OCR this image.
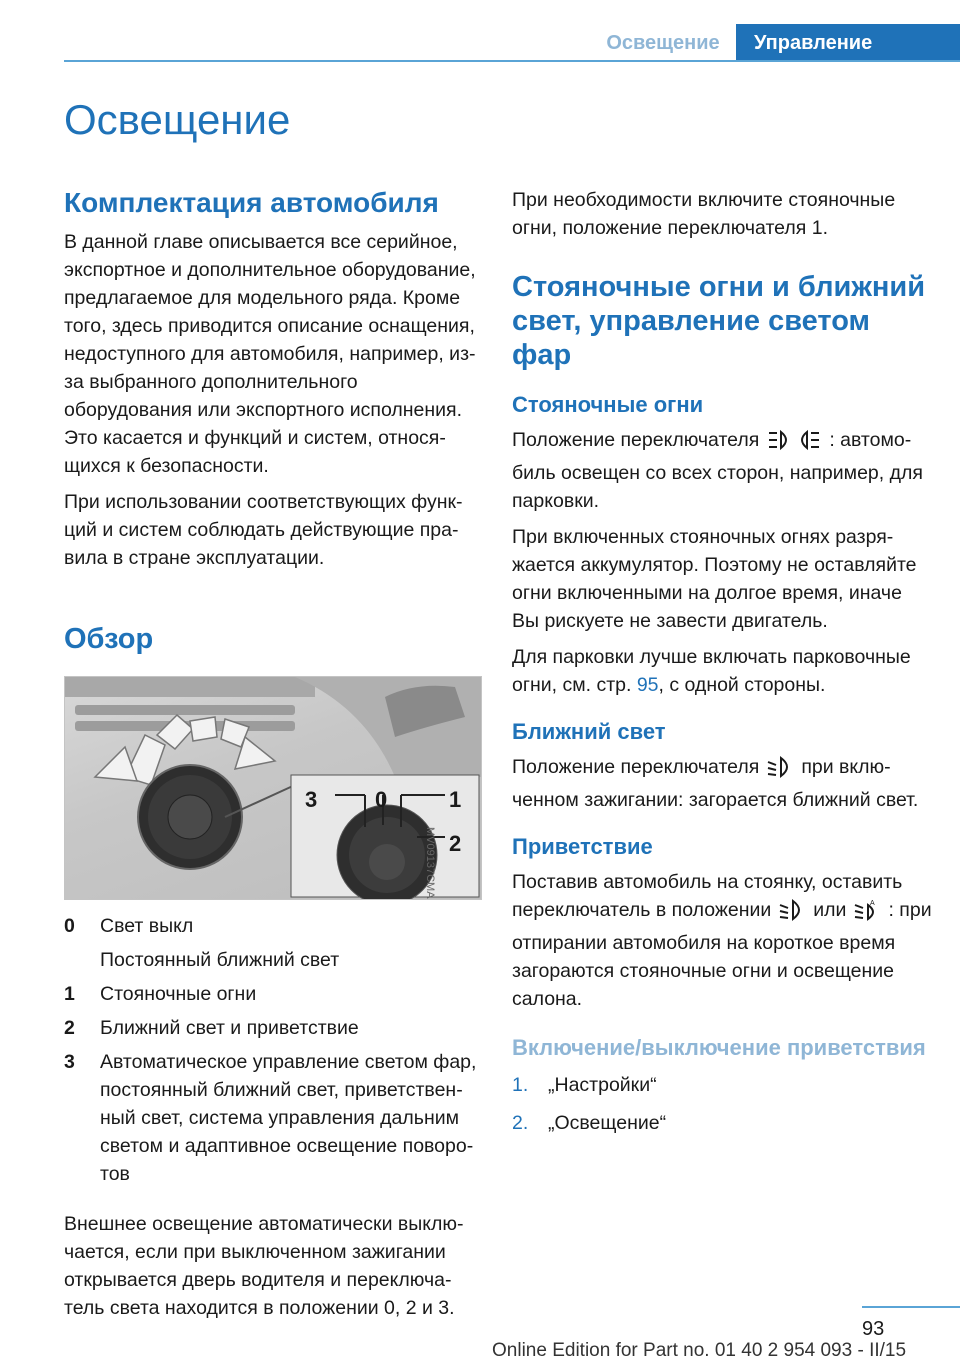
Освещение	Управление
Освещение
Комплектация автомобиля

В данной главе описывается все серийное, экспортное и дополнительное оборудование, предлагаемое для модельного ряда. Кроме того, здесь приводится описание оснащения, недоступного для автомобиля, например, из-за выбранного дополнительного оборудования или экспортного исполнения. Это касается и функций и систем, относящихся к безопасности.

При использовании соответствующих функций и систем соблюдать действующие правила в стране эксплуатации.

Обзор
MV09137CMA
3	0	1
2
0	Свет выкл
Постоянный ближний свет
1	Стояночные огни
2	Ближний свет и приветствие
3	Автоматическое управление светом фар, постоянный ближний свет, приветственный свет, система управления дальним светом и адаптивное освещение поворотов

Внешнее освещение автоматически выключается, если при выключенном зажигании открывается дверь водителя и переключатель света находится в положении 0, 2 и 3.

При необходимости включите стояночные огни, положение переключателя 1.

Стояночные огни и ближний свет, управление светом фар
Стояночные огни

Положение переключателя	: автомобиль освещен со всех сторон, например, для парковки.

При включенных стояночных огнях разряжается аккумулятор. Поэтому не оставляйте огни включенными на долгое время, иначе Вы рискуете не завести двигатель.

Для парковки лучше включать парковочные огни, см. стр. 95, с одной стороны.

Ближний свет

Положение переключателя при включенном зажигании: загорается ближний свет.

Приветствие

Поставив автомобиль на стоянку, оставить переключатель в положении или	A : при отпирании автомобиля на короткое время загораются стояночные огни и освещение салона.

Включение/выключение приветствия
1.	„Настройки“
2.	„Освещение“
93
Online Edition for Part no. 01 40 2 954 093 - II/15
